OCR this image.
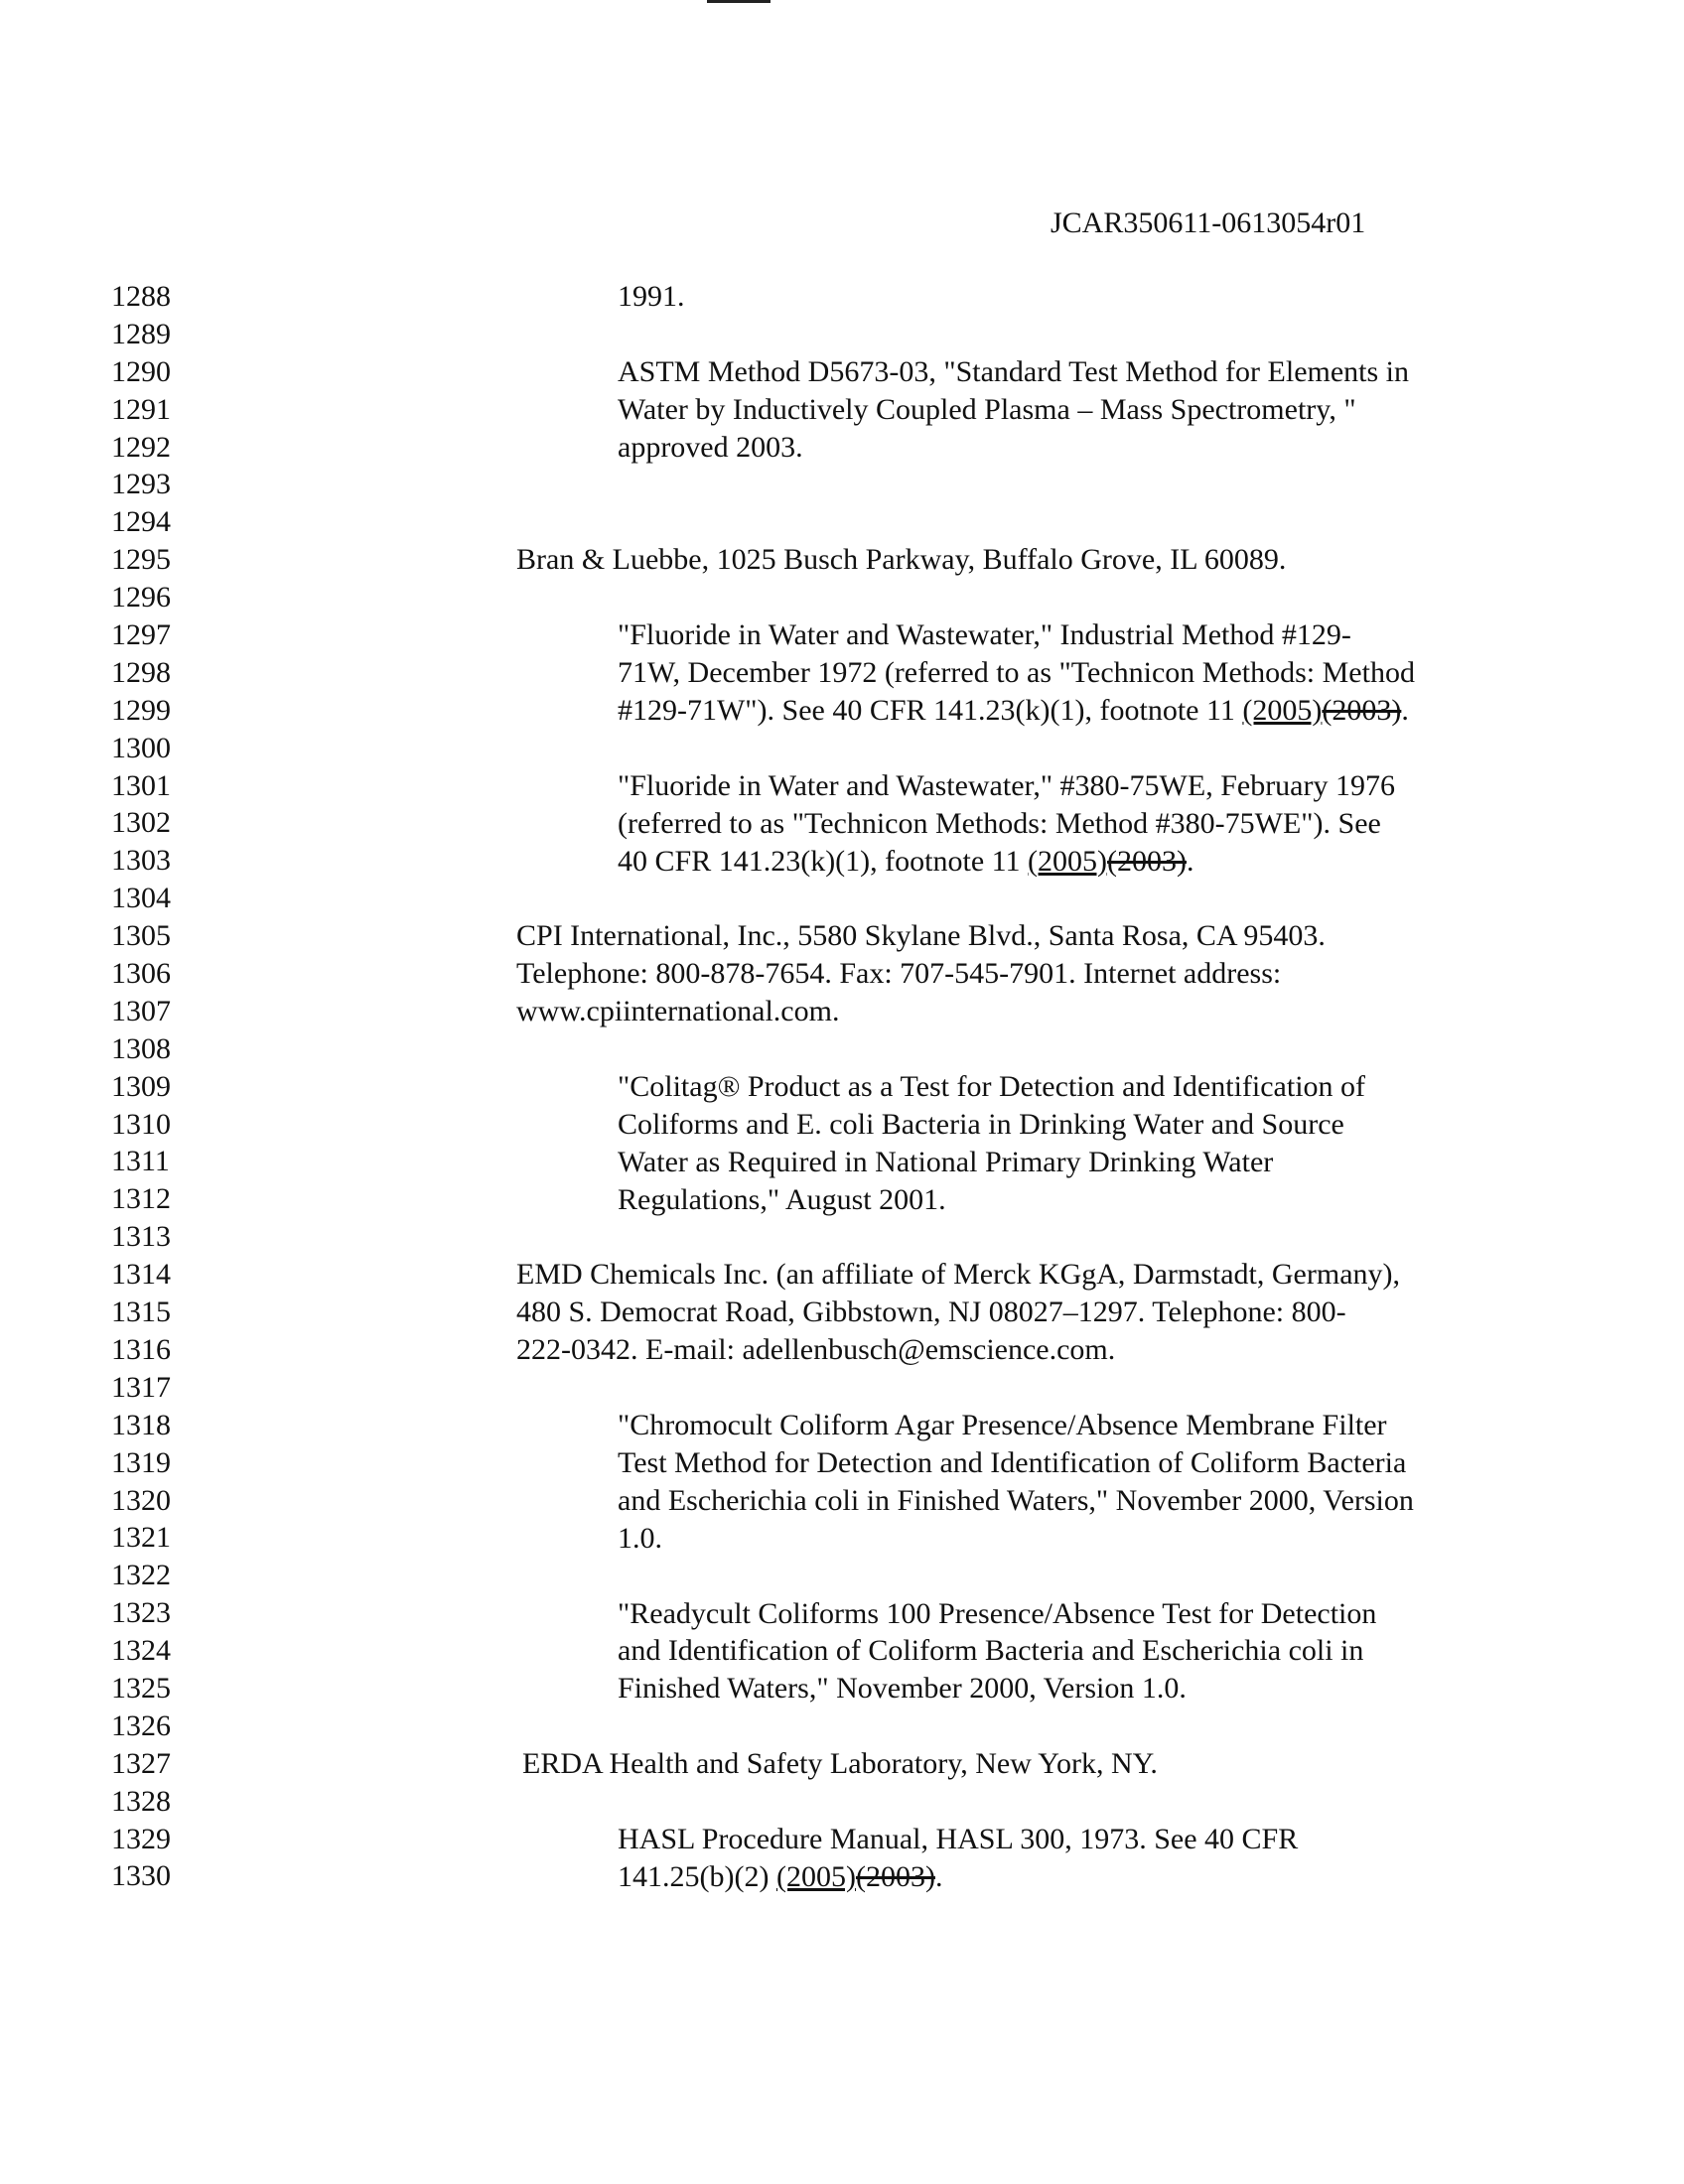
JCAR350611-0613054r01
1288
1289
1290
1291
1292
1293
1294
1295
1296
1297
1298
1299
1300
1301
1302
1303
1304
1305
1306
1307
1308
1309
1310
1311
1312
1313
1314
1315
1316
1317
1318
1319
1320
1321
1322
1323
1324
1325
1326
1327
1328
1329
1330
1991.
ASTM Method D5673-03, "Standard Test Method for Elements in
Water by Inductively Coupled Plasma – Mass Spectrometry, "
approved 2003.
Bran & Luebbe, 1025 Busch Parkway, Buffalo Grove, IL 60089.
"Fluoride in Water and Wastewater," Industrial Method #129-
71W, December 1972 (referred to as "Technicon Methods: Method
#129-71W"). See 40 CFR 141.23(k)(1), footnote 11 (2005)(2003).
"Fluoride in Water and Wastewater," #380-75WE, February 1976
(referred to as "Technicon Methods: Method #380-75WE"). See
40 CFR 141.23(k)(1), footnote 11 (2005)(2003).
CPI International, Inc., 5580 Skylane Blvd., Santa Rosa, CA 95403.
Telephone: 800-878-7654. Fax: 707-545-7901. Internet address:
www.cpiinternational.com.
"Colitag® Product as a Test for Detection and Identification of
Coliforms and E. coli Bacteria in Drinking Water and Source
Water as Required in National Primary Drinking Water
Regulations," August 2001.
EMD Chemicals Inc. (an affiliate of Merck KGgA, Darmstadt, Germany),
480 S. Democrat Road, Gibbstown, NJ 08027–1297. Telephone: 800-
222-0342. E-mail: adellenbusch@emscience.com.
"Chromocult Coliform Agar Presence/Absence Membrane Filter
Test Method for Detection and Identification of Coliform Bacteria
and Escherichia coli in Finished Waters," November 2000, Version
1.0.
"Readycult Coliforms 100 Presence/Absence Test for Detection
and Identification of Coliform Bacteria and Escherichia coli in
Finished Waters," November 2000, Version 1.0.
ERDA Health and Safety Laboratory, New York, NY.
HASL Procedure Manual, HASL 300, 1973. See 40 CFR
141.25(b)(2) (2005)(2003).
